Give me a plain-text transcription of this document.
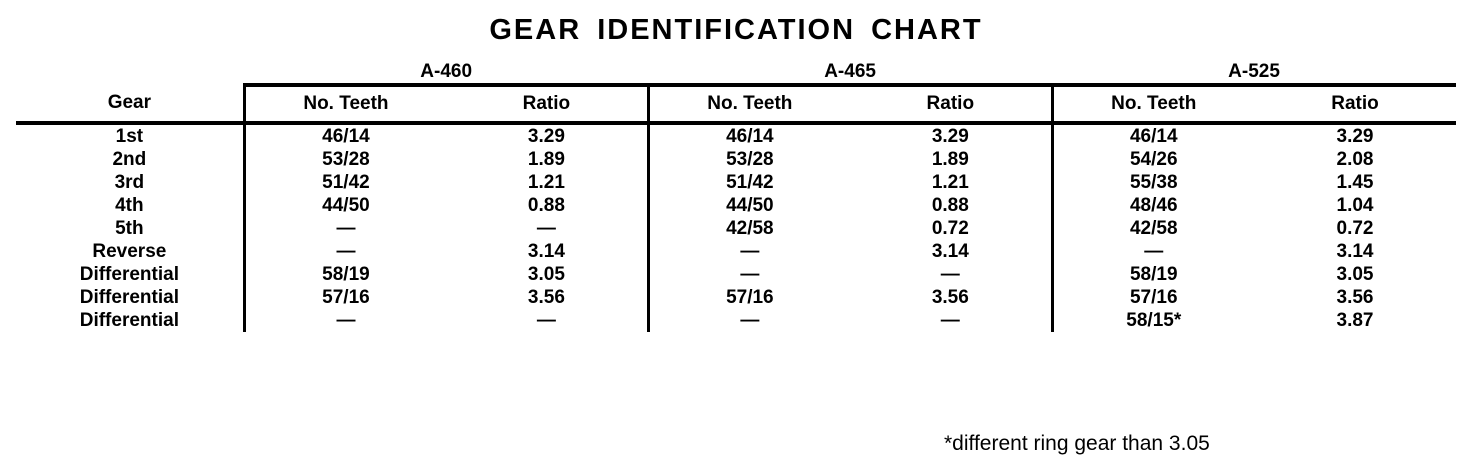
GEAR IDENTIFICATION CHART
	A-460		A-465		A-525	
Gear	No. Teeth	Ratio	No. Teeth	Ratio	No. Teeth	Ratio
1st	46/14	3.29	46/14	3.29	46/14	3.29
2nd	53/28	1.89	53/28	1.89	54/26	2.08
3rd	51/42	1.21	51/42	1.21	55/38	1.45
4th	44/50	0.88	44/50	0.88	48/46	1.04
5th	—	—	42/58	0.72	42/58	0.72
Reverse	—	3.14	—	3.14	—	3.14
Differential	58/19	3.05	—	—	58/19	3.05
Differential	57/16	3.56	57/16	3.56	57/16	3.56
Differential	—	—	—	—	58/15*	3.87
*different ring gear than 3.05
